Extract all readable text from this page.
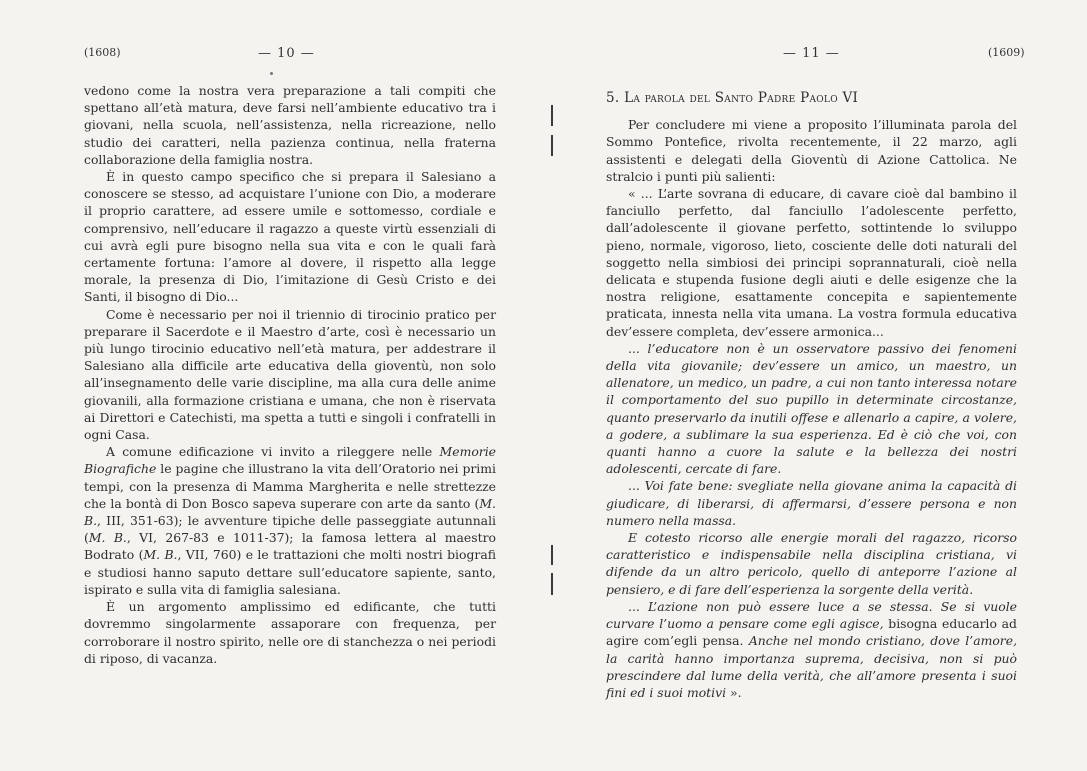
(1608)	— 10 —

vedono come la nostra vera preparazione a tali compiti che spettano all’età matura, deve farsi nell’ambiente educativo tra i giovani, nella scuola, nell’assistenza, nella ricreazione, nello studio dei caratteri, nella pazienza continua, nella fraterna collaborazione della famiglia nostra.

È in questo campo specifico che si prepara il Salesiano a conoscere se stesso, ad acquistare l’unione con Dio, a moderare il proprio carattere, ad essere umile e sottomesso, cordiale e comprensivo, nell’educare il ragazzo a queste virtù essenziali di cui avrà egli pure bisogno nella sua vita e con le quali farà certamente fortuna: l’amore al dovere, il rispetto alla legge morale, la presenza di Dio, l’imitazione di Gesù Cristo e dei Santi, il bisogno di Dio...

Come è necessario per noi il triennio di tirocinio pratico per preparare il Sacerdote e il Maestro d’arte, così è necessario un più lungo tirocinio educativo nell’età matura, per addestrare il Salesiano alla difficile arte educativa della gioventù, non solo all’insegnamento delle varie discipline, ma alla cura delle anime giovanili, alla formazione cristiana e umana, che non è riservata ai Direttori e Catechisti, ma spetta a tutti e singoli i confratelli in ogni Casa.

A comune edificazione vi invito a rileggere nelle Memorie Biografiche le pagine che illustrano la vita dell’Oratorio nei primi tempi, con la presenza di Mamma Margherita e nelle strettezze che la bontà di Don Bosco sapeva superare con arte da santo (M. B., III, 351-63); le avventure tipiche delle passeggiate autunnali (M. B., VI, 267-83 e 1011-37); la famosa lettera al maestro Bodrato (M. B., VII, 760) e le trattazioni che molti nostri biografi e studiosi hanno saputo dettare sull’educatore sapiente, santo, ispirato e sulla vita di famiglia salesiana.

È un argomento amplissimo ed edificante, che tutti dovremmo singolarmente assaporare con frequenza, per corroborare il nostro spirito, nelle ore di stanchezza o nei periodi di riposo, di vacanza.

— 11 —	(1609)

5. La parola del Santo Padre Paolo VI

Per concludere mi viene a proposito l’illuminata parola del Sommo Pontefice, rivolta recentemente, il 22 marzo, agli assistenti e delegati della Gioventù di Azione Cattolica. Ne stralcio i punti più salienti:

« ... L’arte sovrana di educare, di cavare cioè dal bambino il fanciullo perfetto, dal fanciullo l’adolescente perfetto, dall’adolescente il giovane perfetto, sottintende lo sviluppo pieno, normale, vigoroso, lieto, cosciente delle doti naturali del soggetto nella simbiosi dei principi soprannaturali, cioè nella delicata e stupenda fusione degli aiuti e delle esigenze che la nostra religione, esattamente concepita e sapientemente praticata, innesta nella vita umana. La vostra formula educativa dev’essere completa, dev’essere armonica...

... l’educatore non è un osservatore passivo dei fenomeni della vita giovanile; dev’essere un amico, un maestro, un allenatore, un medico, un padre, a cui non tanto interessa notare il comportamento del suo pupillo in determinate circostanze, quanto preservarlo da inutili offese e allenarlo a capire, a volere, a godere, a sublimare la sua esperienza. Ed è ciò che voi, con quanti hanno a cuore la salute e la bellezza dei nostri adolescenti, cercate di fare.

... Voi fate bene: svegliate nella giovane anima la capacità di giudicare, di liberarsi, di affermarsi, d’essere persona e non numero nella massa.

E cotesto ricorso alle energie morali del ragazzo, ricorso caratteristico e indispensabile nella disciplina cristiana, vi difende da un altro pericolo, quello di anteporre l’azione al pensiero, e di fare dell’esperienza la sorgente della verità.

... L’azione non può essere luce a se stessa. Se si vuole curvare l’uomo a pensare come egli agisce, bisogna educarlo ad agire com’egli pensa. Anche nel mondo cristiano, dove l’amore, la carità hanno importanza suprema, decisiva, non si può prescindere dal lume della verità, che all’amore presenta i suoi fini ed i suoi motivi ».
